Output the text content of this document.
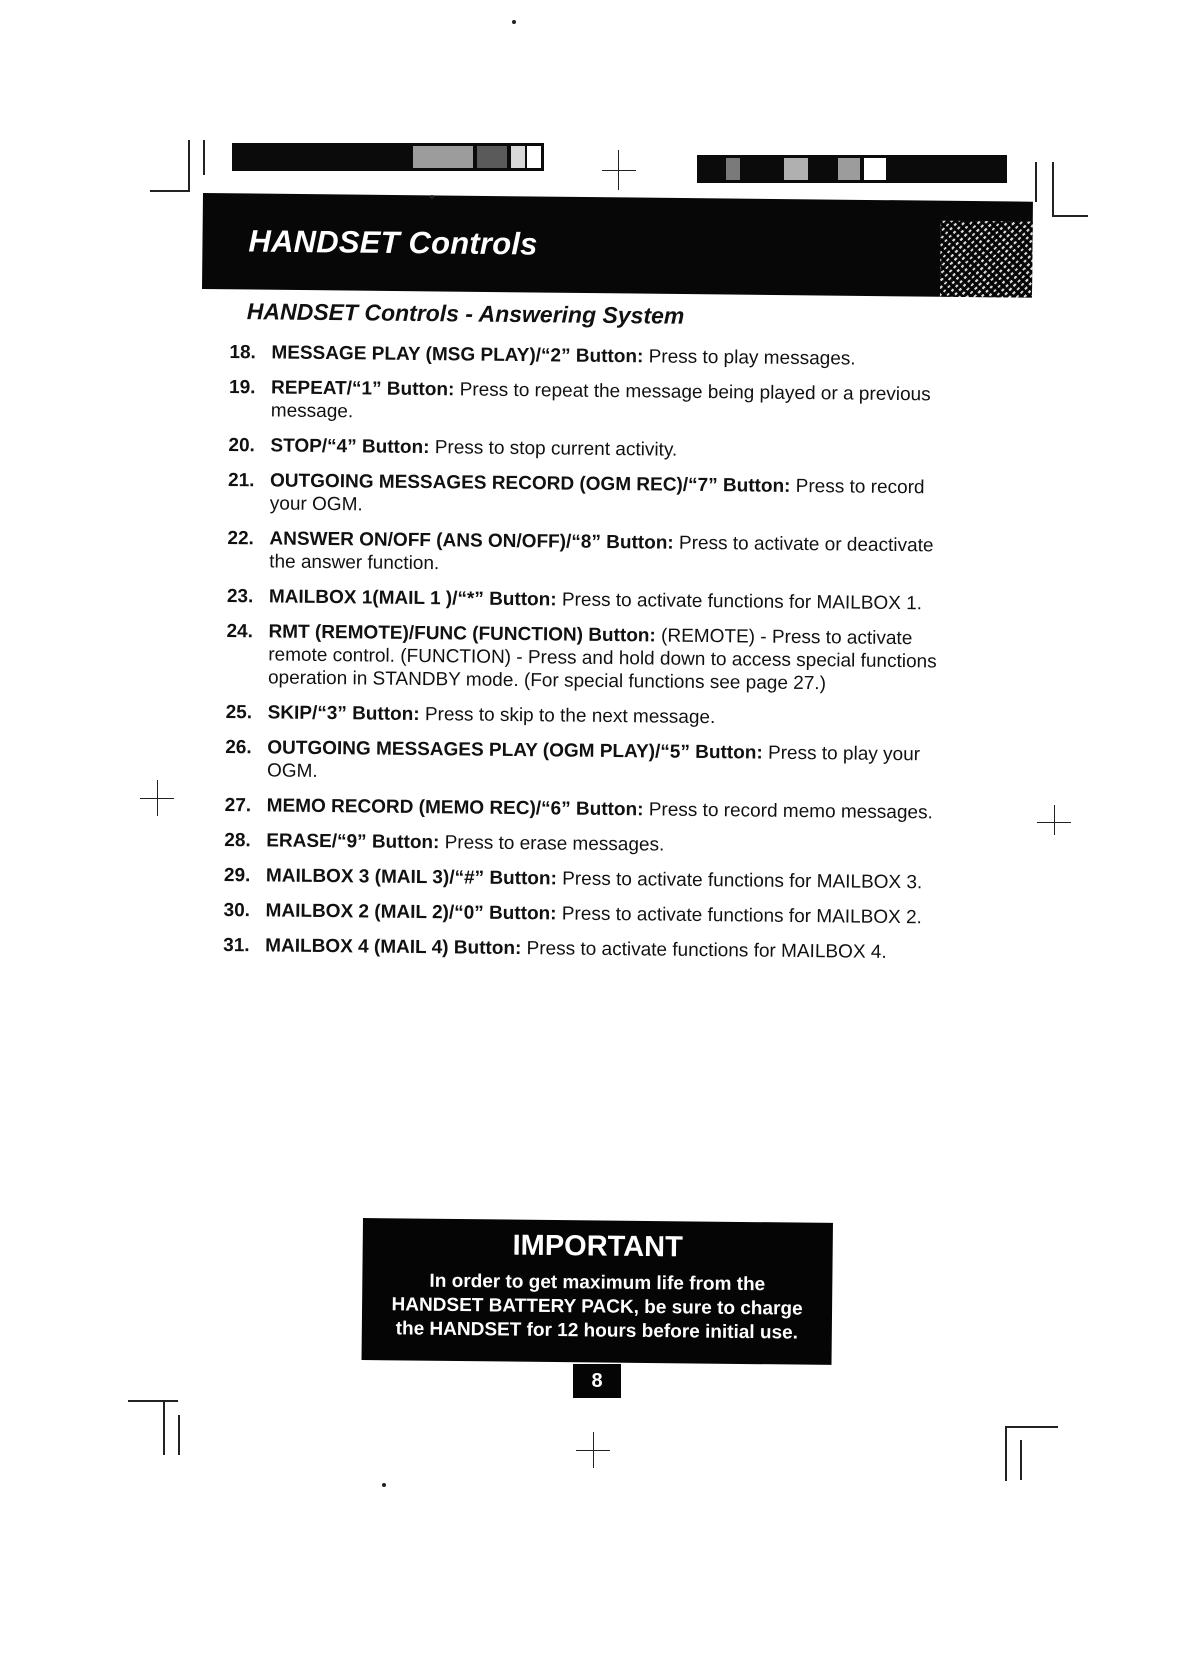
HANDSET Controls
HANDSET Controls - Answering System
18. MESSAGE PLAY (MSG PLAY)/“2” Button: Press to play messages.
19. REPEAT/“1” Button: Press to repeat the message being played or a previous message.
20. STOP/“4” Button: Press to stop current activity.
21. OUTGOING MESSAGES RECORD (OGM REC)/“7” Button: Press to record your OGM.
22. ANSWER ON/OFF (ANS ON/OFF)/“8” Button: Press to activate or deactivate the answer function.
23. MAILBOX 1(MAIL 1 )/“*” Button: Press to activate functions for MAILBOX 1.
24. RMT (REMOTE)/FUNC (FUNCTION) Button: (REMOTE) - Press to activate remote control. (FUNCTION) - Press and hold down to access special functions operation in STANDBY mode. (For special functions see page 27.)
25. SKIP/“3” Button: Press to skip to the next message.
26. OUTGOING MESSAGES PLAY (OGM PLAY)/“5” Button: Press to play your OGM.
27. MEMO RECORD (MEMO REC)/“6” Button: Press to record memo messages.
28. ERASE/“9” Button: Press to erase messages.
29. MAILBOX 3 (MAIL 3)/“#” Button: Press to activate functions for MAILBOX 3.
30. MAILBOX 2 (MAIL 2)/“0” Button: Press to activate functions for MAILBOX 2.
31. MAILBOX 4 (MAIL 4) Button: Press to activate functions for MAILBOX 4.
IMPORTANT
In order to get maximum life from the
HANDSET BATTERY PACK, be sure to charge
the HANDSET for 12 hours before initial use.
8
